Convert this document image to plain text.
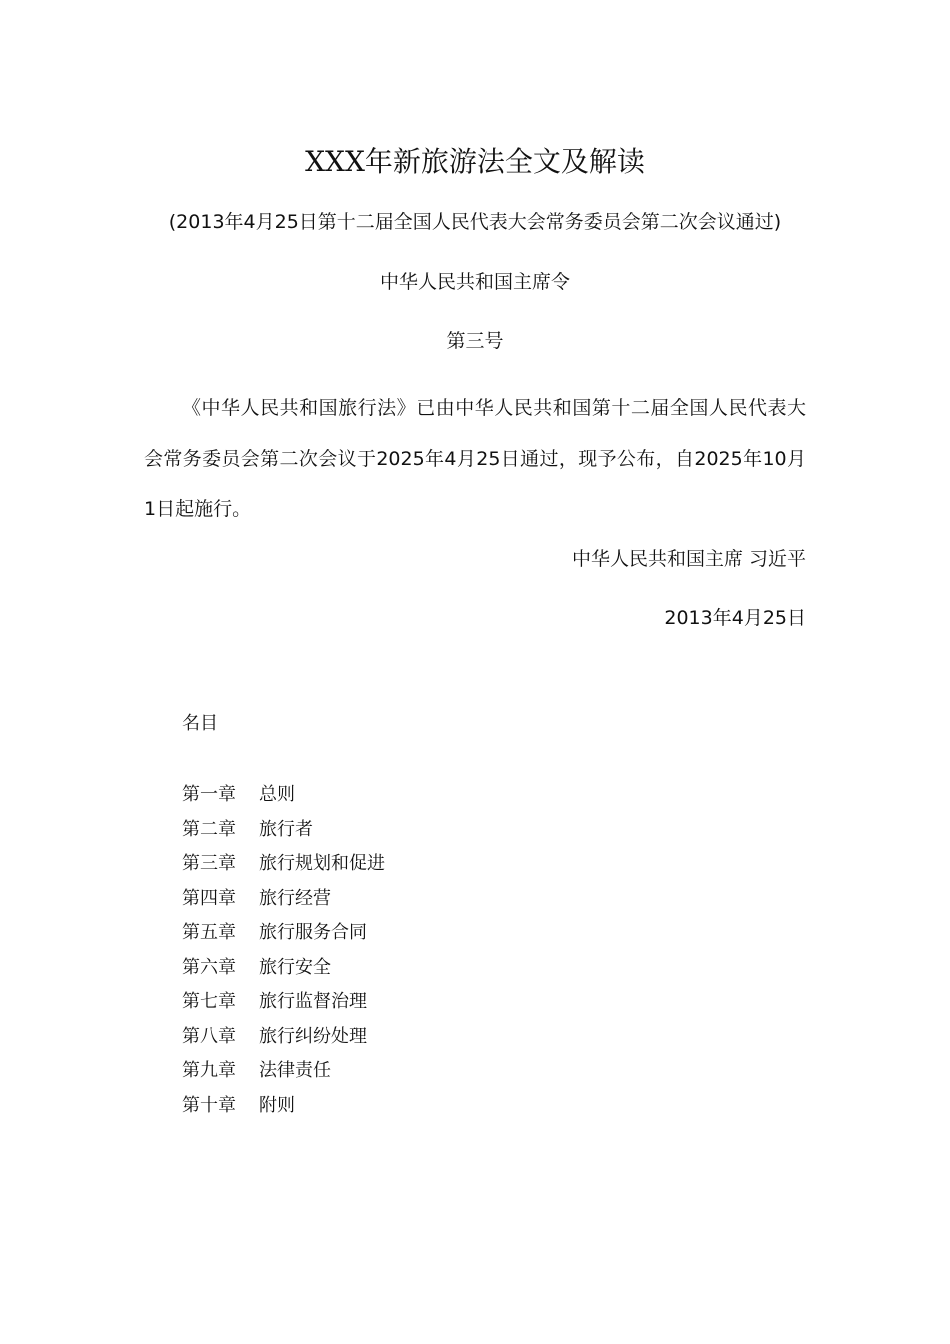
XXX年新旅游法全文及解读
(2013年4月25日第十二届全国人民代表大会常务委员会第二次会议通过)
中华人民共和国主席令
第三号
《中华人民共和国旅行法》已由中华人民共和国第十二届全国人民代表大会常务委员会第二次会议于2025年4月25日通过，现予公布，自2025年10月1日起施行。
中华人民共和国主席 习近平
2013年4月25日
名目
第一章	总则
第二章	旅行者
第三章	旅行规划和促进
第四章	旅行经营
第五章	旅行服务合同
第六章	旅行安全
第七章	旅行监督治理
第八章	旅行纠纷处理
第九章	法律责任
第十章	附则
